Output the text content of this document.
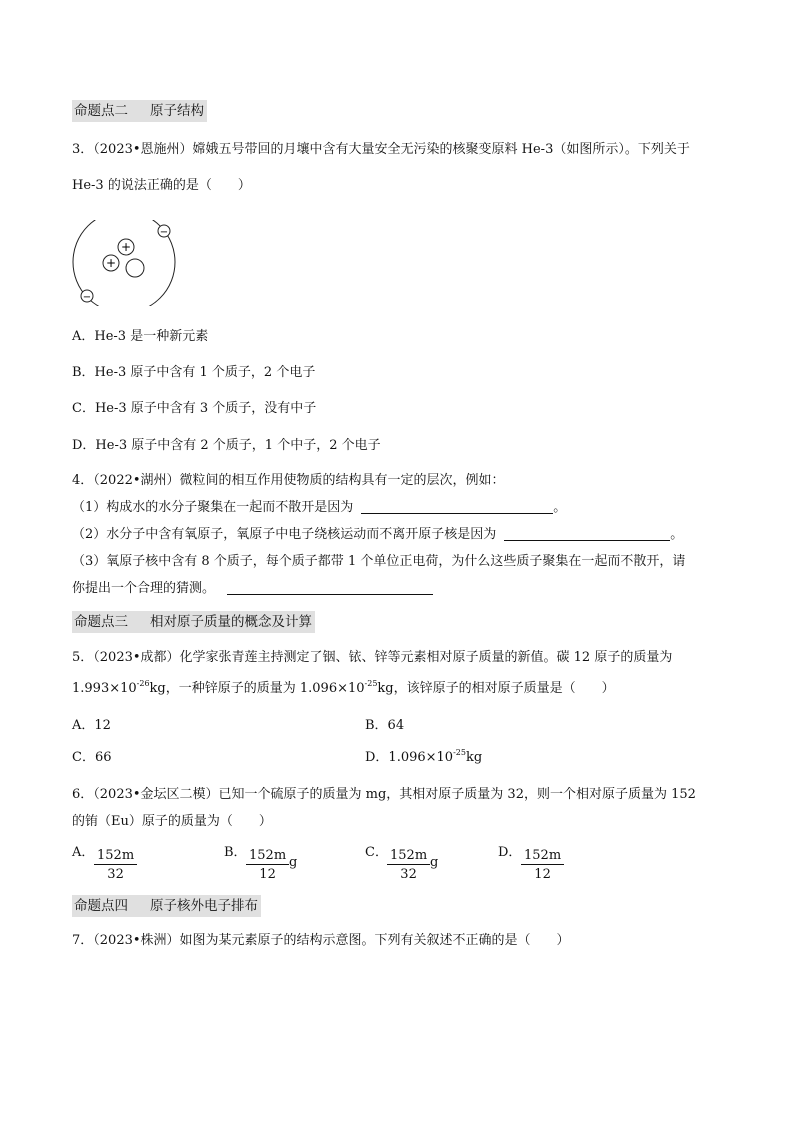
命题点二 原子结构
3．（2023•恩施州）嫦娥五号带回的月壤中含有大量安全无污染的核聚变原料 He-3（如图所示）。下列关于
He-3 的说法正确的是（　　）
+
+
−
−
A．He-3 是一种新元素
B．He-3 原子中含有 1 个质子，2 个电子
C．He-3 原子中含有 3 个质子，没有中子
D．He-3 原子中含有 2 个质子，1 个中子，2 个电子
4．（2022•湖州）微粒间的相互作用使物质的结构具有一定的层次，例如：
（1）构成水的水分子聚集在一起而不散开是因为	。
（2）水分子中含有氧原子，氧原子中电子绕核运动而不离开原子核是因为	。
（3）氧原子核中含有 8 个质子，每个质子都带 1 个单位正电荷，为什么这些质子聚集在一起而不散开，请
你提出一个合理的猜测。
命题点三 相对原子质量的概念及计算
5．（2023•成都）化学家张青莲主持测定了铟、铱、锌等元素相对原子质量的新值。碳 12 原子的质量为
$1.993\times 10^{-26}kg$，一种锌原子的质量为 $1.096\times 10^{-25}kg$，该锌原子的相对原子质量是（　　）
A．12	B．64
C．66	D．$1.096\times 10^{-25}kg$
6．（2023•金坛区二模）已知一个硫原子的质量为 mg，其相对原子质量为 32，则一个相对原子质量为 152
的铕（Eu）原子的质量为（　　）
A． $\frac{152m}{32}$	B． $\frac{152m}{12}$ g
C． $\frac{152m}{32}$ g
D． $\frac{152m}{12}$
命题点四 原子核外电子排布
7．（2023•株洲）如图为某元素原子的结构示意图。下列有关叙述不正确的是（　　）
